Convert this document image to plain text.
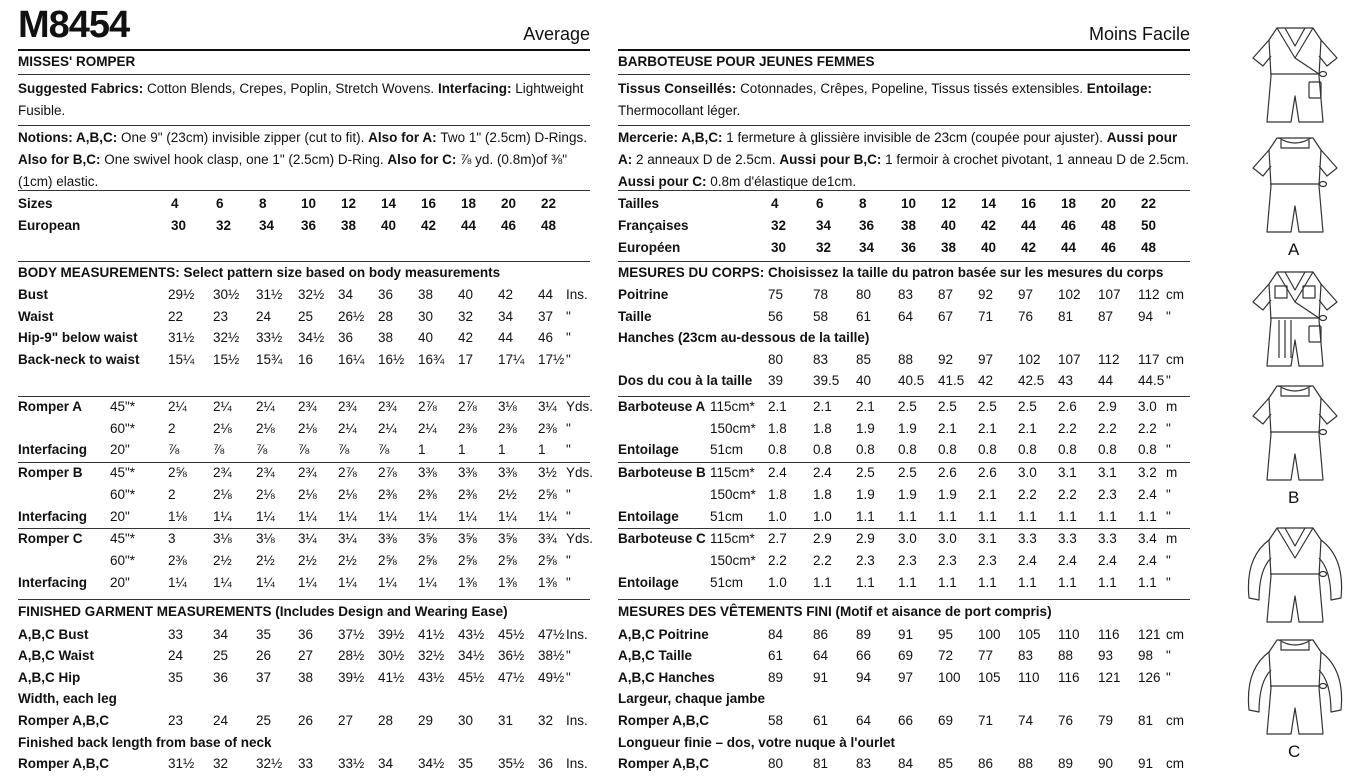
M8454	Average
MISSES' ROMPER
Suggested Fabrics: Cotton Blends, Crepes, Poplin, Stretch Wovens. Interfacing: Lightweight Fusible.
Notions: A,B,C: One 9" (23cm) invisible zipper (cut to fit). Also for A: Two 1" (2.5cm) D-Rings. Also for B,C: One swivel hook clasp, one 1" (2.5cm) D-Ring. Also for C: ⅞ yd. (0.8m)of ⅜" (1cm) elastic.
Sizes	4	6	8	10 12 14 16 18 20 22
European	30 32 34 36 38 40 42 44 46 48
BODY MEASUREMENTS: Select pattern size based on body measurements
Bust	29½ 30½ 31½ 32½ 34 36 38 40 42 44 Ins.
Waist	22 23 24 25 26½ 28 30 32 34 37 "
Hip-9" below waist 31½ 32½ 33½ 34½ 36 38 40 42 44 46 "
Back-neck to waist 15¼ 15½ 15¾ 16 16¼ 16½ 16¾ 17 17¼ 17½ "
Romper A 45"* 2¼ 2¼ 2¼ 2¾ 2¾ 2¾ 2⅞ 2⅞ 3⅛ 3¼ Yds.
60"* 2	2⅛ 2⅛ 2⅛ 2¼ 2¼ 2¼ 2⅜ 2⅜ 2⅜ "
Interfacing 20"	⅞ ⅞ ⅞ ⅞ ⅞ ⅞ 1 1 1 1 "
Romper B 45"* 2⅝ 2¾ 2¾ 2¾ 2⅞ 2⅞ 3⅜ 3⅜ 3⅜ 3½ Yds.
60"* 2	2⅛ 2⅛ 2⅛ 2⅛ 2⅜ 2⅜ 2⅜ 2½ 2⅝ "
Interfacing 20"	1⅛ 1¼ 1¼ 1¼ 1¼ 1¼ 1¼ 1¼ 1¼ 1¼ "
Romper C 45"* 3	3⅛ 3⅛ 3¼ 3¼ 3⅜ 3⅝ 3⅝ 3⅝ 3¾ Yds.
60"* 2⅜ 2½ 2½ 2½ 2½ 2⅝ 2⅝ 2⅝ 2⅝ 2⅝ "
Interfacing 20"	1¼ 1¼ 1¼ 1¼ 1¼ 1¼ 1¼ 1⅜ 1⅜ 1⅜ "
FINISHED GARMENT MEASUREMENTS (Includes Design and Wearing Ease)
A,B,C Bust	33 34 35 36 37½ 39½ 41½ 43½ 45½ 47½ Ins.
A,B,C Waist	24 25 26 27 28½ 30½ 32½ 34½ 36½ 38½ "
A,B,C Hip	35 36 37 38 39½ 41½ 43½ 45½ 47½ 49½ "
Width, each leg
Romper A,B,C	23 24 25 26 27 28 29 30 31 32 Ins.
Finished back length from base of neck
Romper A,B,C	31½ 32 32½ 33 33½ 34 34½ 35 35½ 36 Ins.
Moins Facile
BARBOTEUSE POUR JEUNES FEMMES
Tissus Conseillés: Cotonnades, Crêpes, Popeline, Tissus tissés extensibles. Entoilage: Thermocollant léger.
Mercerie: A,B,C: 1 fermeture à glissière invisible de 23cm (coupée pour ajuster). Aussi pour A: 2 anneaux D de 2.5cm. Aussi pour B,C: 1 fermoir à crochet pivotant, 1 anneau D de 2.5cm. Aussi pour C: 0.8m d'élastique de1cm.
Tailles	4	6	8	10 12 14 16 18 20 22
Françaises	32 34 36 38 40 42 44 46 48 50
Européen	30 32 34 36 38 40 42 44 46 48
MESURES DU CORPS: Choisissez la taille du patron basée sur les mesures du corps
Poitrine	75 78 80 83 87 92 97 102 107 112 cm
Taille	56 58 61 64 67 71 76 81 87 94 "
Hanches (23cm au-dessous de la taille)
80 83 85 88 92 97 102 107 112 117 cm
Dos du cou à la taille 39 39.5 40 40.5 41.5 42 42.5 43 44 44.5 "
Barboteuse A 115cm* 2.1 2.1 2.1 2.5 2.5 2.5 2.5 2.6 2.9 3.0 m
150cm* 1.8 1.8 1.9 1.9 2.1 2.1 2.1 2.2 2.2 2.2 "
Entoilage 51cm 0.8 0.8 0.8 0.8 0.8 0.8 0.8 0.8 0.8 0.8 "
Barboteuse B 115cm* 2.4 2.4 2.5 2.5 2.6 2.6 3.0 3.1 3.1 3.2 m
150cm* 1.8 1.8 1.9 1.9 1.9 2.1 2.2 2.2 2.3 2.4 "
Entoilage 51cm 1.0 1.0 1.1 1.1 1.1 1.1 1.1 1.1 1.1 1.1 "
Barboteuse C 115cm* 2.7 2.9 2.9 3.0 3.0 3.1 3.3 3.3 3.3 3.4 m
150cm* 2.2 2.2 2.3 2.3 2.3 2.3 2.4 2.4 2.4 2.4 "
Entoilage 51cm 1.0 1.1 1.1 1.1 1.1 1.1 1.1 1.1 1.1 1.1 "
MESURES DES VÊTEMENTS FINI (Motif et aisance de port compris)
A,B,C Poitrine	84 86 89 91 95 100 105 110 116 121 cm
A,B,C Taille	61 64 66 69 72 77 83 88 93 98 "
A,B,C Hanches	89 91 94 97 100 105 110 116 121 126 "
Largeur, chaque jambe
Romper A,B,C	58 61 64 66 69 71 74 76 79 81 cm
Longueur finie – dos, votre nuque à l'ourlet
Romper A,B,C	80 81 83 84 85 86 88 89 90 91 cm
A
B
C
